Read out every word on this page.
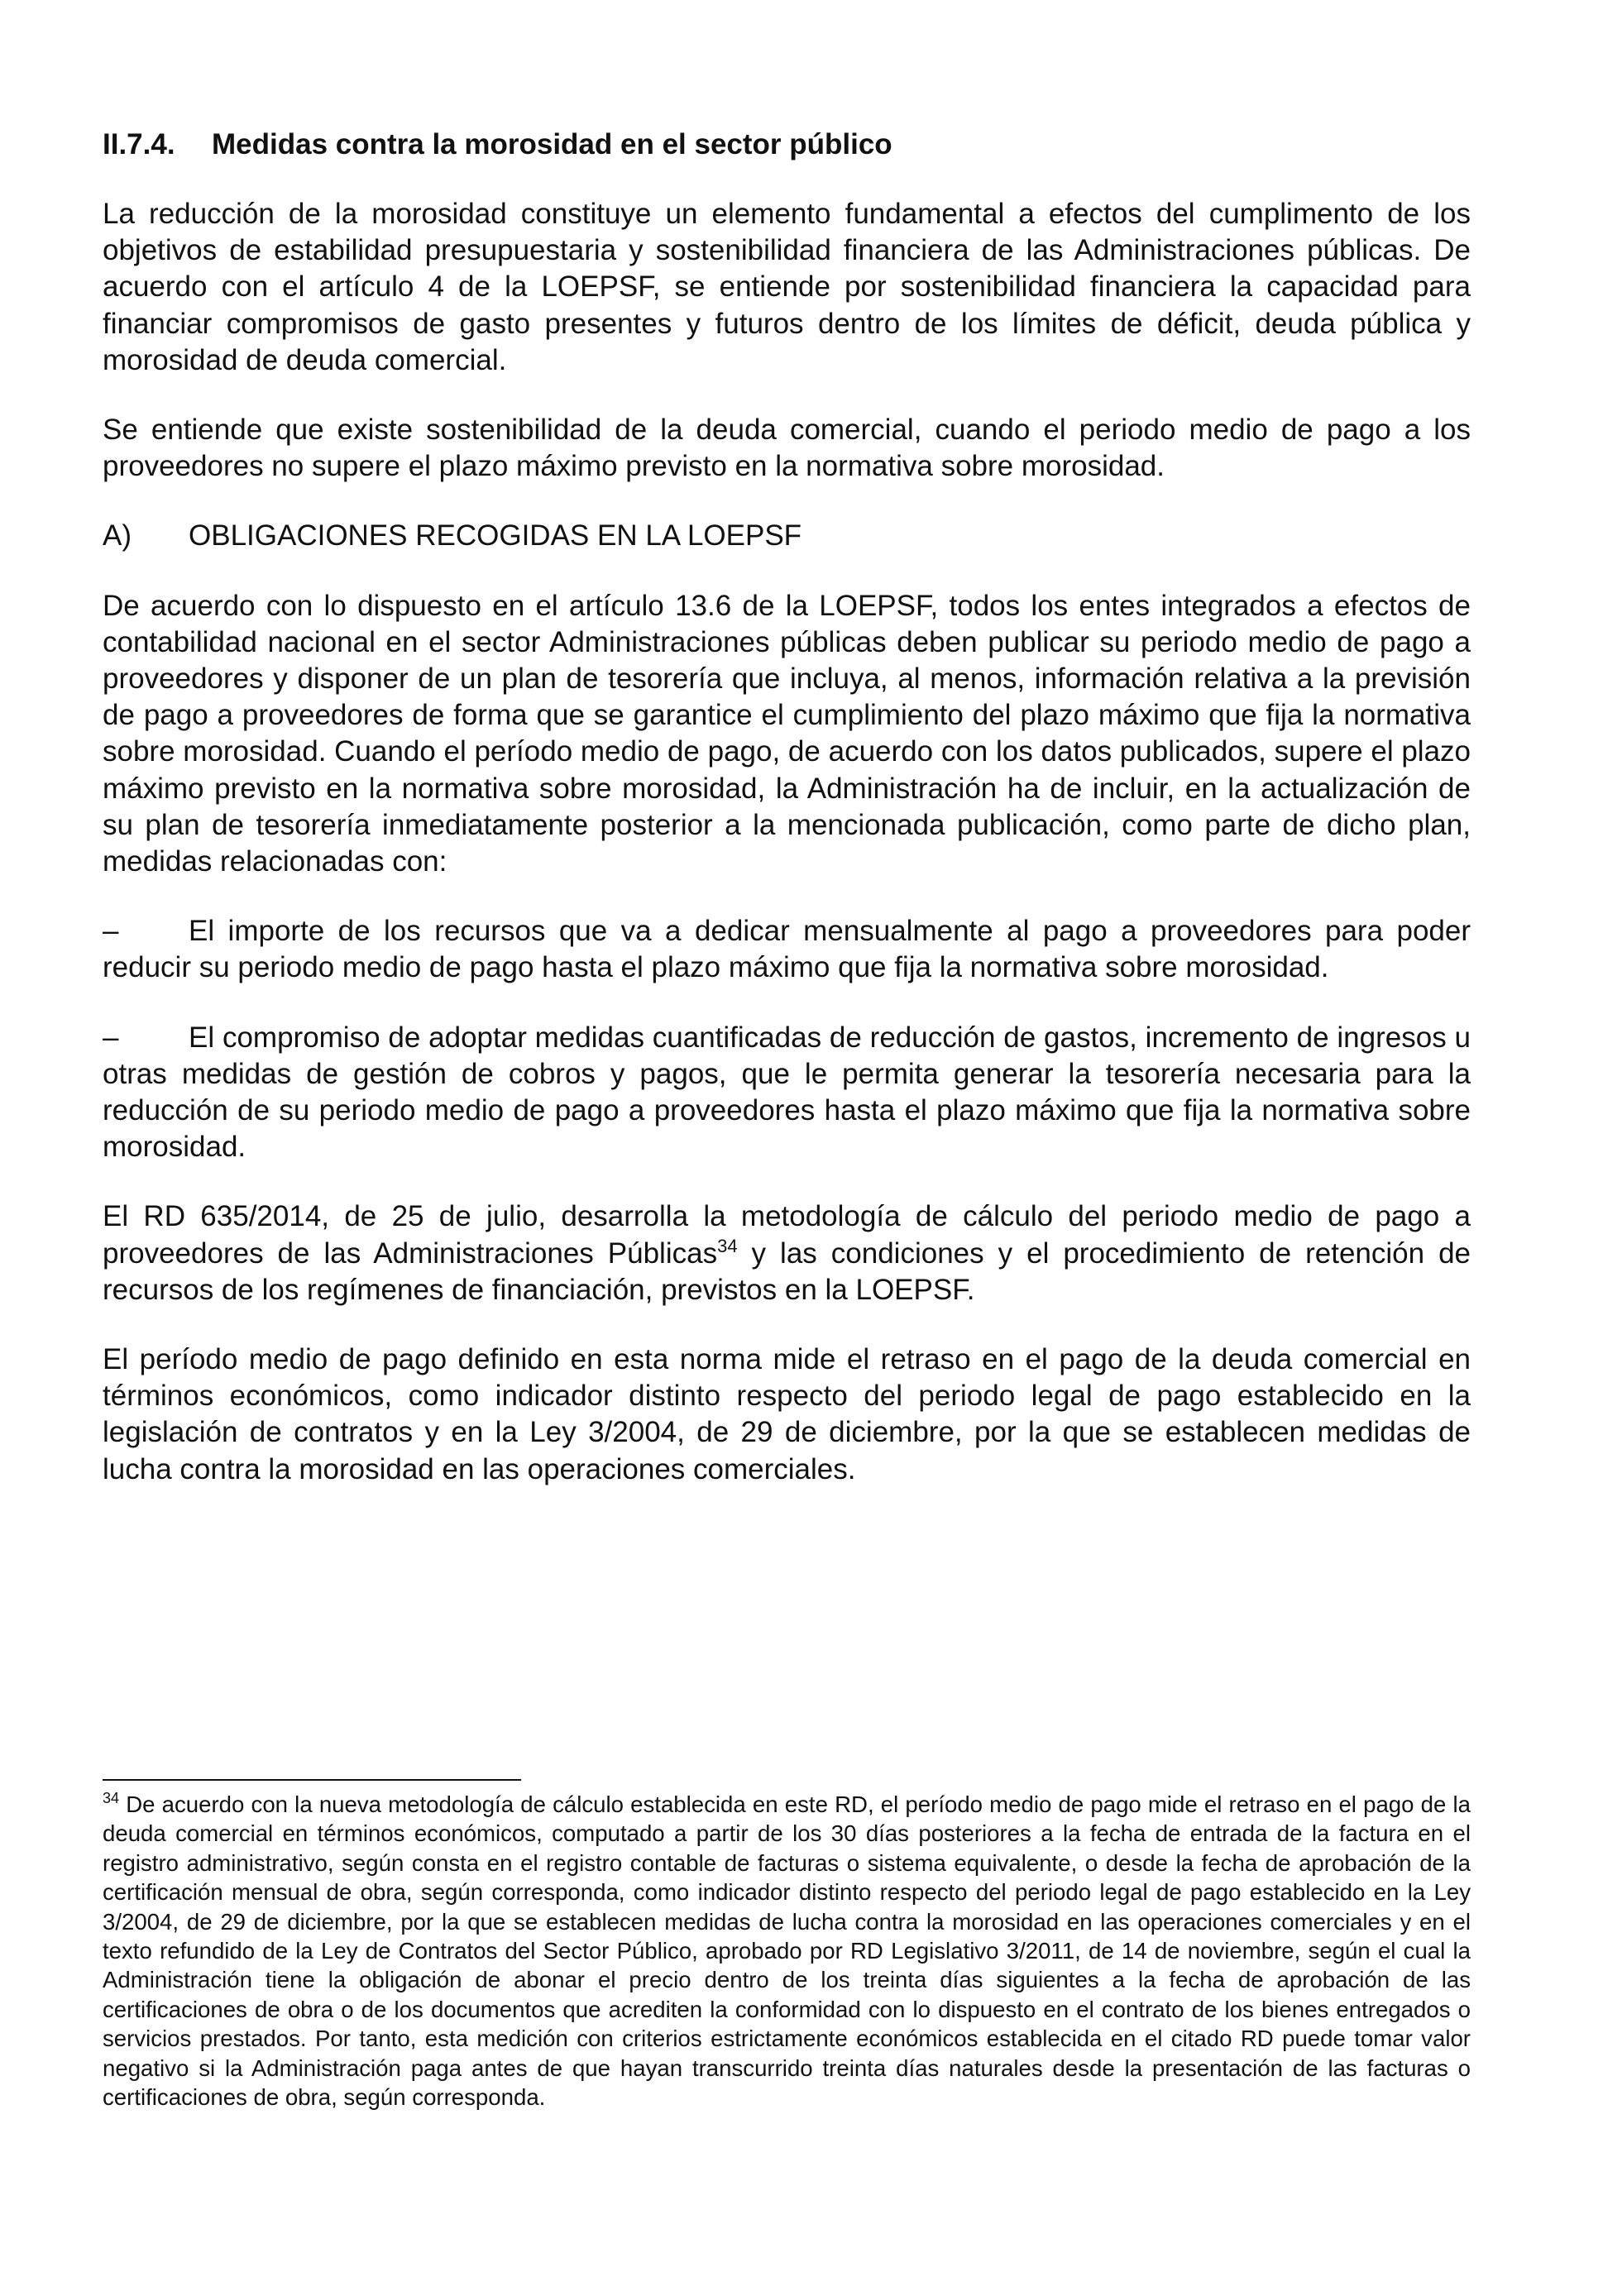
II.7.4.	Medidas contra la morosidad en el sector público

La reducción de la morosidad constituye un elemento fundamental a efectos del cumplimento de los objetivos de estabilidad presupuestaria y sostenibilidad financiera de las Administraciones públicas. De acuerdo con el artículo 4 de la LOEPSF, se entiende por sostenibilidad financiera la capacidad para financiar compromisos de gasto presentes y futuros dentro de los límites de déficit, deuda pública y morosidad de deuda comercial.

Se entiende que existe sostenibilidad de la deuda comercial, cuando el periodo medio de pago a los proveedores no supere el plazo máximo previsto en la normativa sobre morosidad.

A)	OBLIGACIONES RECOGIDAS EN LA LOEPSF

De acuerdo con lo dispuesto en el artículo 13.6 de la LOEPSF, todos los entes integrados a efectos de contabilidad nacional en el sector Administraciones públicas deben publicar su periodo medio de pago a proveedores y disponer de un plan de tesorería que incluya, al menos, información relativa a la previsión de pago a proveedores de forma que se garantice el cumplimiento del plazo máximo que fija la normativa sobre morosidad. Cuando el período medio de pago, de acuerdo con los datos publicados, supere el plazo máximo previsto en la normativa sobre morosidad, la Administración ha de incluir, en la actualización de su plan de tesorería inmediatamente posterior a la mencionada publicación, como parte de dicho plan, medidas relacionadas con:

– El importe de los recursos que va a dedicar mensualmente al pago a proveedores para poder reducir su periodo medio de pago hasta el plazo máximo que fija la normativa sobre morosidad.

– El compromiso de adoptar medidas cuantificadas de reducción de gastos, incremento de ingresos u otras medidas de gestión de cobros y pagos, que le permita generar la tesorería necesaria para la reducción de su periodo medio de pago a proveedores hasta el plazo máximo que fija la normativa sobre morosidad.

El RD 635/2014, de 25 de julio, desarrolla la metodología de cálculo del periodo medio de pago a proveedores de las Administraciones Públicas$^{34}$ y las condiciones y el procedimiento de retención de recursos de los regímenes de financiación, previstos en la LOEPSF.

El período medio de pago definido en esta norma mide el retraso en el pago de la deuda comercial en términos económicos, como indicador distinto respecto del periodo legal de pago establecido en la legislación de contratos y en la Ley 3/2004, de 29 de diciembre, por la que se establecen medidas de lucha contra la morosidad en las operaciones comerciales.

$^{34}$ De acuerdo con la nueva metodología de cálculo establecida en este RD, el período medio de pago mide el retraso en el pago de la deuda comercial en términos económicos, computado a partir de los 30 días posteriores a la fecha de entrada de la factura en el registro administrativo, según consta en el registro contable de facturas o sistema equivalente, o desde la fecha de aprobación de la certificación mensual de obra, según corresponda, como indicador distinto respecto del periodo legal de pago establecido en la Ley 3/2004, de 29 de diciembre, por la que se establecen medidas de lucha contra la morosidad en las operaciones comerciales y en el texto refundido de la Ley de Contratos del Sector Público, aprobado por RD Legislativo 3/2011, de 14 de noviembre, según el cual la Administración tiene la obligación de abonar el precio dentro de los treinta días siguientes a la fecha de aprobación de las certificaciones de obra o de los documentos que acrediten la conformidad con lo dispuesto en el contrato de los bienes entregados o servicios prestados. Por tanto, esta medición con criterios estrictamente económicos establecida en el citado RD puede tomar valor negativo si la Administración paga antes de que hayan transcurrido treinta días naturales desde la presentación de las facturas o certificaciones de obra, según corresponda.
